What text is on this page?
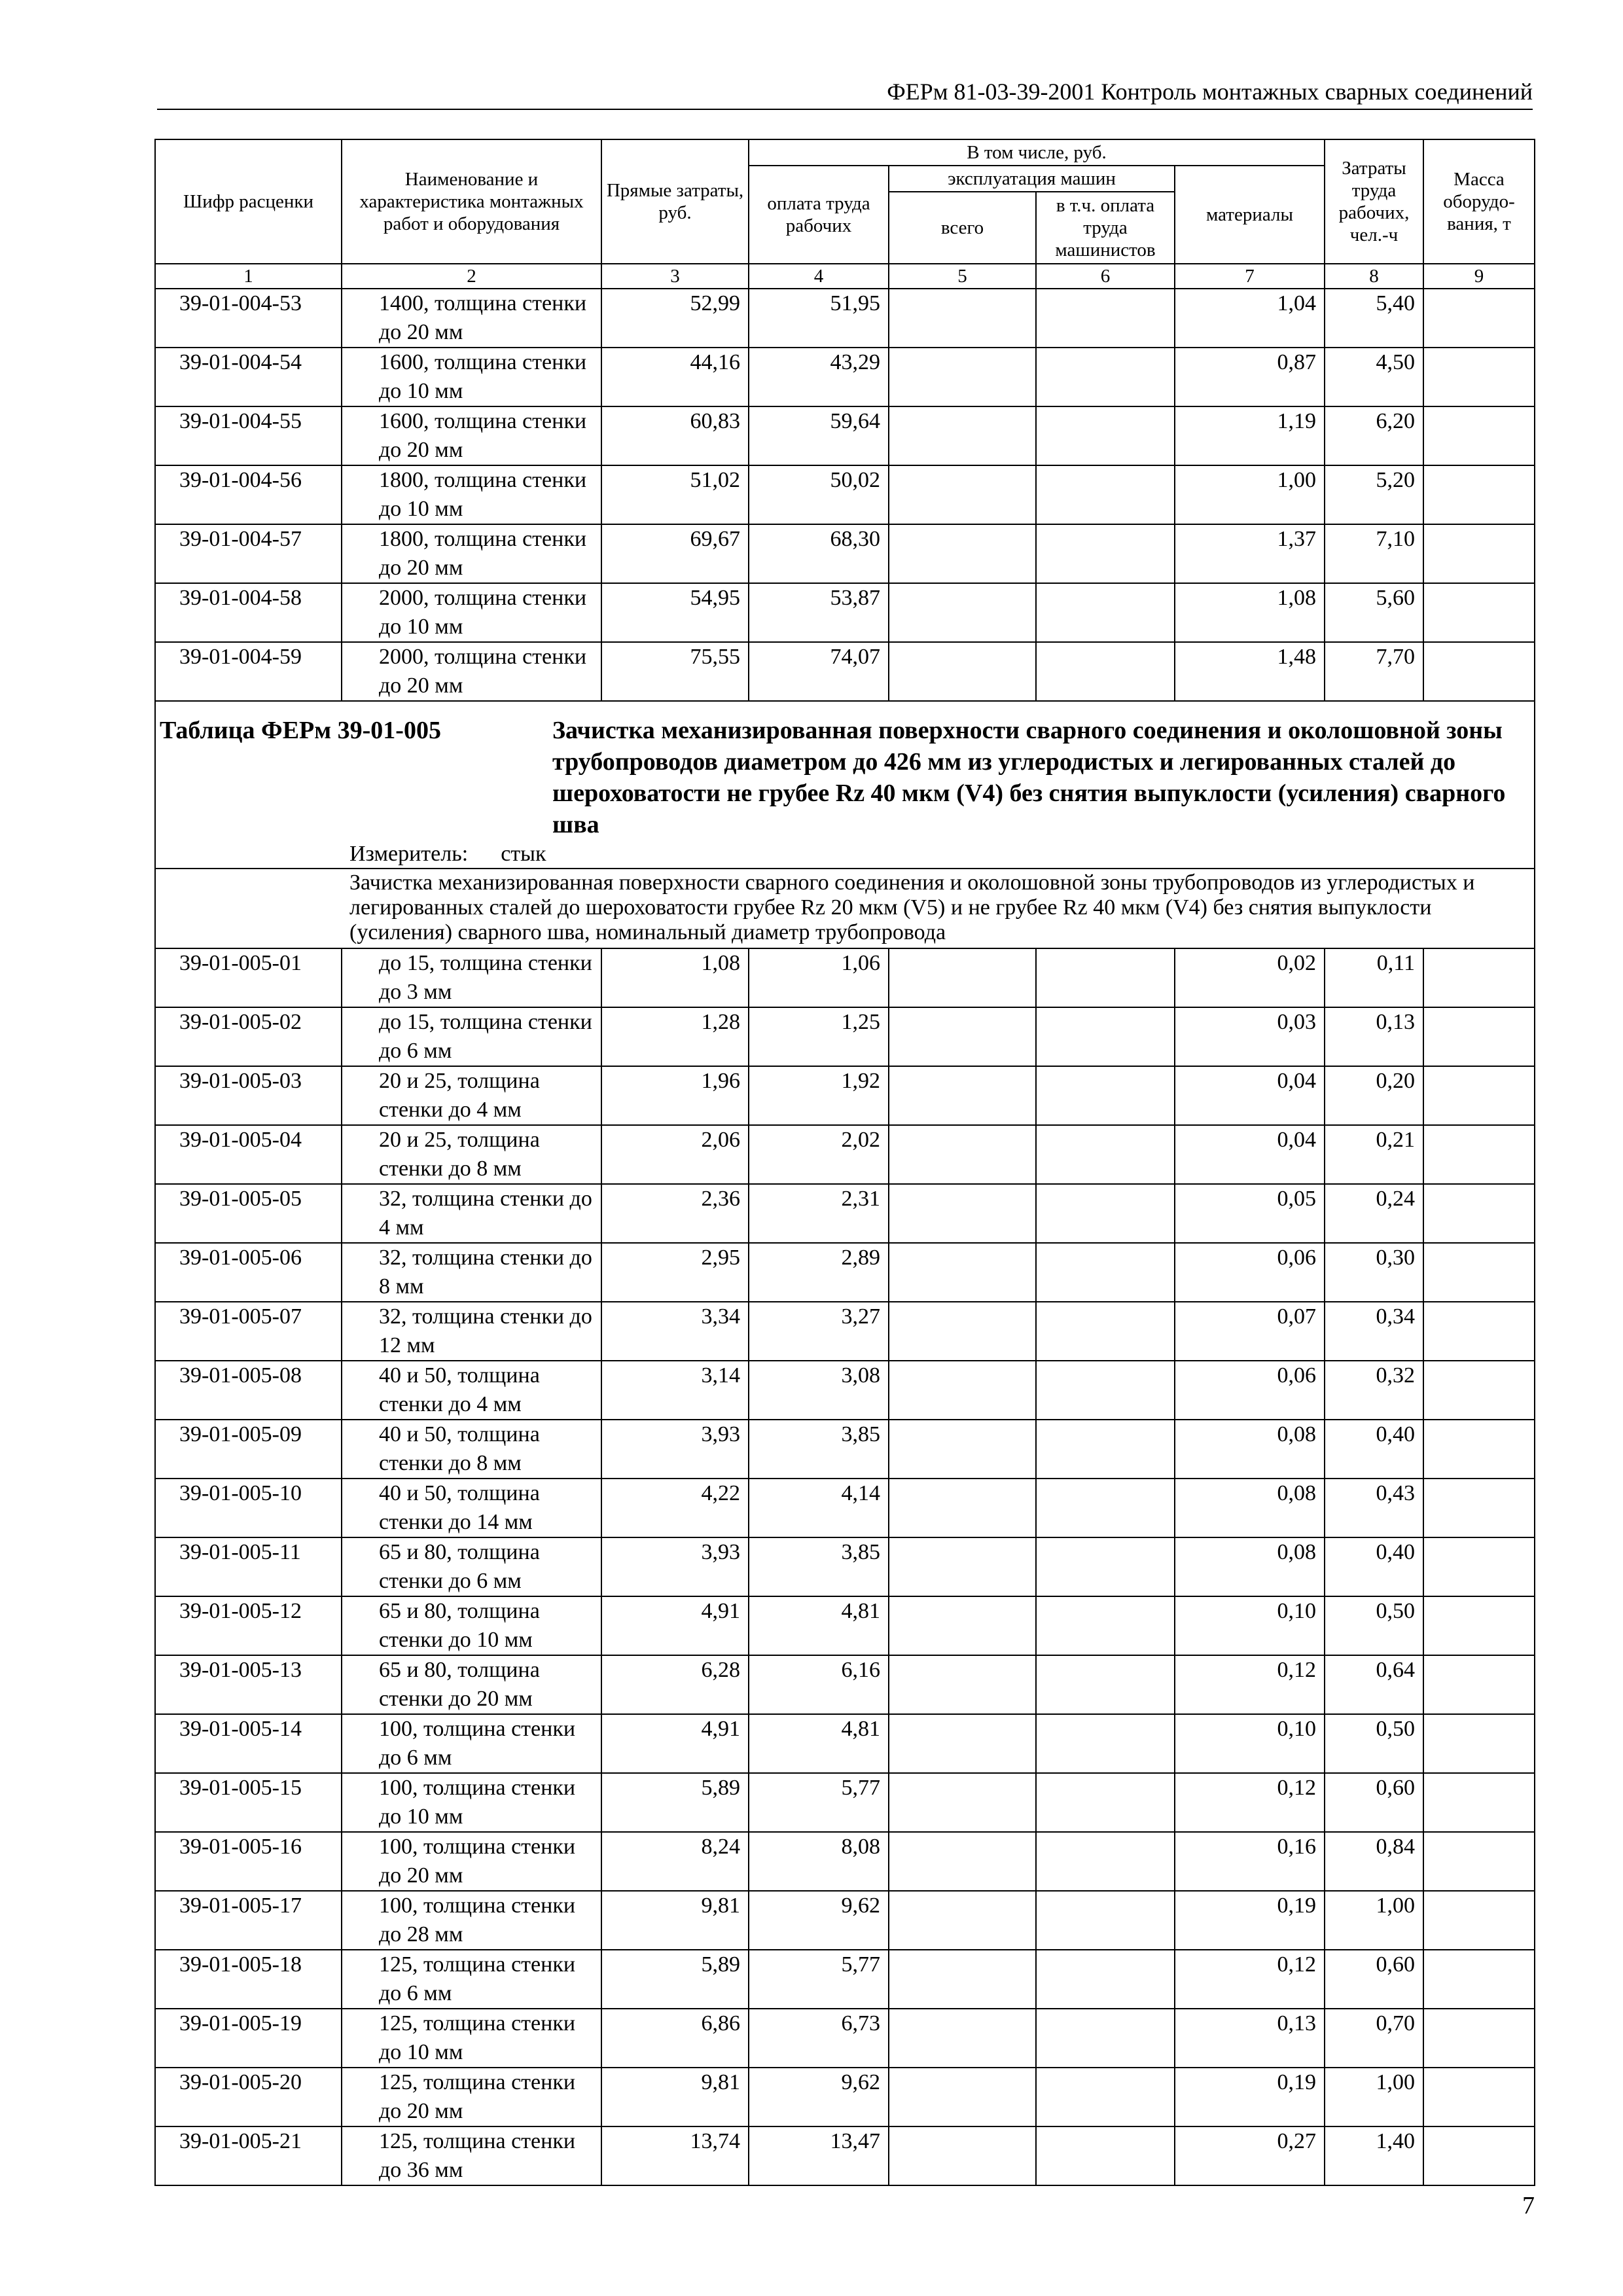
ФЕРм 81-03-39-2001 Контроль монтажных сварных соединений
Шифр расценки	Наименование и характеристика монтажных работ и оборудования	Прямые затраты, руб.	В том числе, руб.				Затраты труда рабочих, чел.-ч	Масса оборудо-вания, т
			оплата труда рабочих	эксплуатация машин		материалы		
				всего	в т.ч. оплата труда машинистов			
1	2	3	4	5	6	7	8	9
39-01-004-53	1400, толщина стенки до 20 мм	52,99	51,95			1,04	5,40	
39-01-004-54	1600, толщина стенки до 10 мм	44,16	43,29			0,87	4,50	
39-01-004-55	1600, толщина стенки до 20 мм	60,83	59,64			1,19	6,20	
39-01-004-56	1800, толщина стенки до 10 мм	51,02	50,02			1,00	5,20	
39-01-004-57	1800, толщина стенки до 20 мм	69,67	68,30			1,37	7,10	
39-01-004-58	2000, толщина стенки до 10 мм	54,95	53,87			1,08	5,60	
39-01-004-59	2000, толщина стенки до 20 мм	75,55	74,07			1,48	7,70	

Таблица ФЕРм 39-01-005 Зачистка механизированная поверхности сварного соединения и околошовной зоны трубопроводов диаметром до 426 мм из углеродистых и легированных сталей до шероховатости не грубее Rz 40 мкм (V4) без снятия выпуклости (усиления) сварного шва
Измеритель: стык								

Зачистка механизированная поверхности сварного соединения и околошовной зоны трубопроводов из углеродистых и легированных сталей до шероховатости грубее Rz 20 мкм (V5) и не грубее Rz 40 мкм (V4) без снятия выпуклости (усиления) сварного шва, номинальный диаметр трубопровода								

39-01-005-01	до 15, толщина стенки до 3 мм	1,08	1,06			0,02	0,11	
39-01-005-02	до 15, толщина стенки до 6 мм	1,28	1,25			0,03	0,13	
39-01-005-03	20 и 25, толщина стенки до 4 мм	1,96	1,92			0,04	0,20	
39-01-005-04	20 и 25, толщина стенки до 8 мм	2,06	2,02			0,04	0,21	
39-01-005-05	32, толщина стенки до 4 мм	2,36	2,31			0,05	0,24	
39-01-005-06	32, толщина стенки до 8 мм	2,95	2,89			0,06	0,30	
39-01-005-07	32, толщина стенки до 12 мм	3,34	3,27			0,07	0,34	
39-01-005-08	40 и 50, толщина стенки до 4 мм	3,14	3,08			0,06	0,32	
39-01-005-09	40 и 50, толщина стенки до 8 мм	3,93	3,85			0,08	0,40	
39-01-005-10	40 и 50, толщина стенки до 14 мм	4,22	4,14			0,08	0,43	
39-01-005-11	65 и 80, толщина стенки до 6 мм	3,93	3,85			0,08	0,40	
39-01-005-12	65 и 80, толщина стенки до 10 мм	4,91	4,81			0,10	0,50	
39-01-005-13	65 и 80, толщина стенки до 20 мм	6,28	6,16			0,12	0,64	
39-01-005-14	100, толщина стенки до 6 мм	4,91	4,81			0,10	0,50	
39-01-005-15	100, толщина стенки до 10 мм	5,89	5,77			0,12	0,60	
39-01-005-16	100, толщина стенки до 20 мм	8,24	8,08			0,16	0,84	
39-01-005-17	100, толщина стенки до 28 мм	9,81	9,62			0,19	1,00	
39-01-005-18	125, толщина стенки до 6 мм	5,89	5,77			0,12	0,60	
39-01-005-19	125, толщина стенки до 10 мм	6,86	6,73			0,13	0,70	
39-01-005-20	125, толщина стенки до 20 мм	9,81	9,62			0,19	1,00	
39-01-005-21	125, толщина стенки до 36 мм	13,74	13,47			0,27	1,40	
7
